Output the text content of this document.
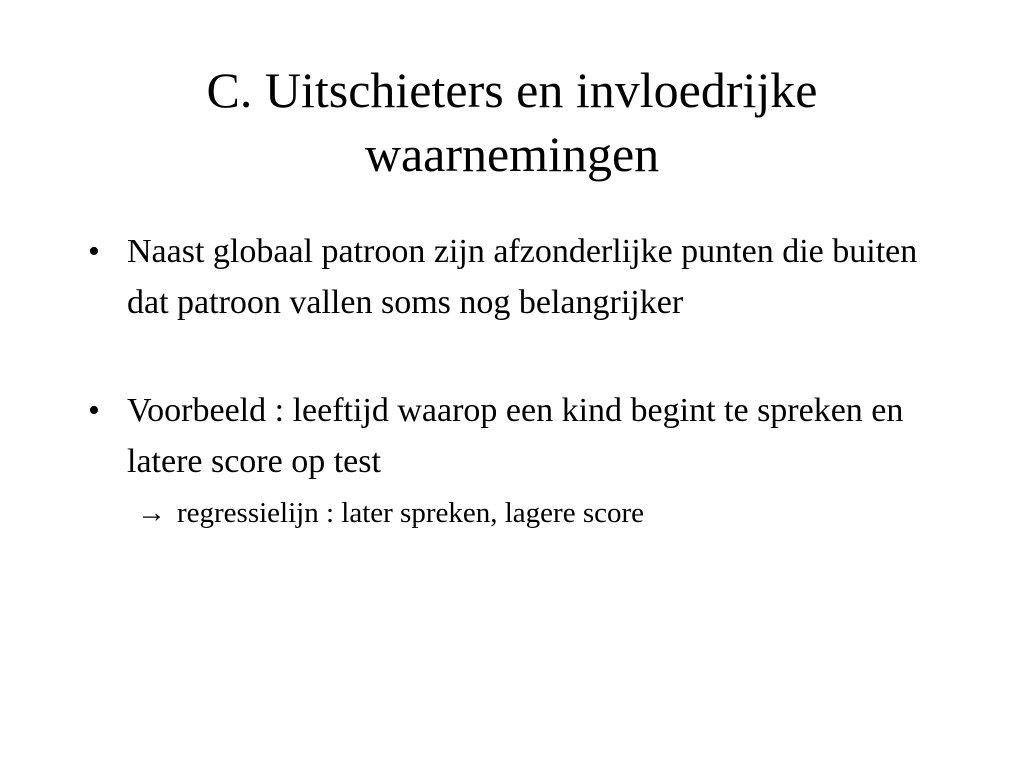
C. Uitschieters en invloedrijke waarnemingen
• Naast globaal patroon zijn afzonderlijke punten die buiten dat patroon vallen soms nog belangrijker
• Voorbeeld : leeftijd waarop een kind begint te spreken en latere score op test
→ regressielijn : later spreken, lagere score
